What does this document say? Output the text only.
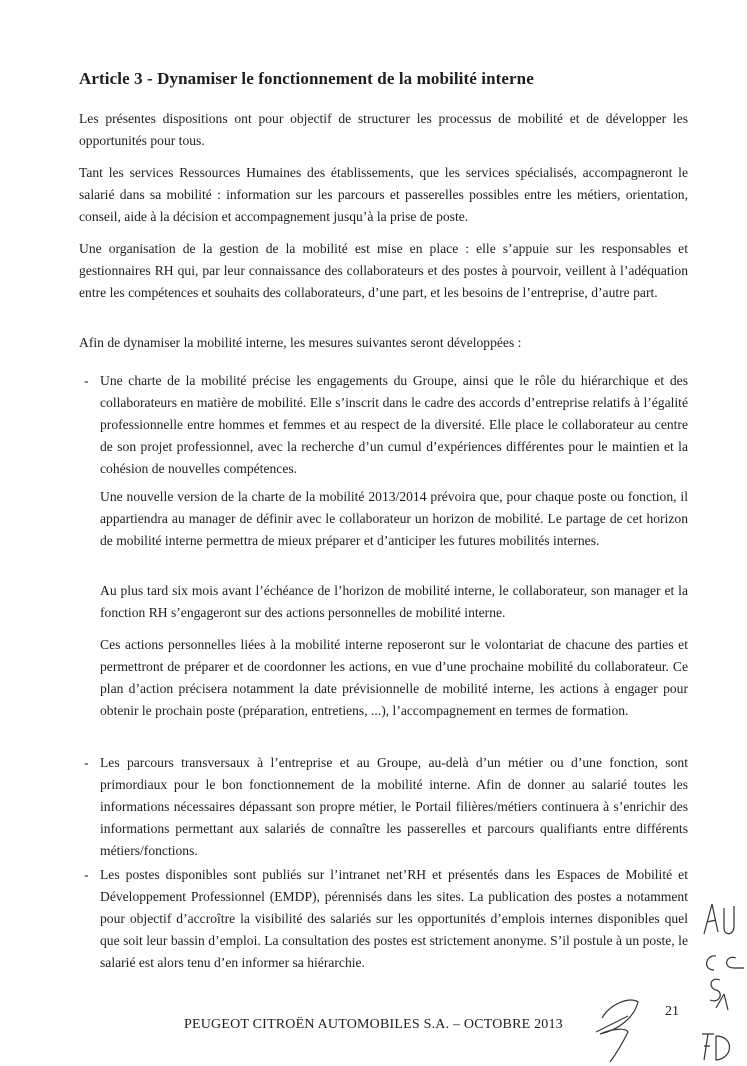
Article 3 - Dynamiser le fonctionnement de la mobilité interne

Les présentes dispositions ont pour objectif de structurer les processus de mobilité et de développer les opportunités pour tous.

Tant les services Ressources Humaines des établissements, que les services spécialisés, accompagneront le salarié dans sa mobilité : information sur les parcours et passerelles possibles entre les métiers, orientation, conseil, aide à la décision et accompagnement jusqu’à la prise de poste.

Une organisation de la gestion de la mobilité est mise en place : elle s’appuie sur les responsables et gestionnaires RH qui, par leur connaissance des collaborateurs et des postes à pourvoir, veillent à l’adéquation entre les compétences et souhaits des collaborateurs, d’une part, et les besoins de l’entreprise, d’autre part.

Afin de dynamiser la mobilité interne, les mesures suivantes seront développées :

- Une charte de la mobilité précise les engagements du Groupe, ainsi que le rôle du hiérarchique et des collaborateurs en matière de mobilité. Elle s’inscrit dans le cadre des accords d’entreprise relatifs à l’égalité professionnelle entre hommes et femmes et au respect de la diversité. Elle place le collaborateur au centre de son projet professionnel, avec la recherche d’un cumul d’expériences différentes pour le maintien et la cohésion de nouvelles compétences.

Une nouvelle version de la charte de la mobilité 2013/2014 prévoira que, pour chaque poste ou fonction, il appartiendra au manager de définir avec le collaborateur un horizon de mobilité. Le partage de cet horizon de mobilité interne permettra de mieux préparer et d’anticiper les futures mobilités internes.

Au plus tard six mois avant l’échéance de l’horizon de mobilité interne, le collaborateur, son manager et la fonction RH s’engageront sur des actions personnelles de mobilité interne.

Ces actions personnelles liées à la mobilité interne reposeront sur le volontariat de chacune des parties et permettront de préparer et de coordonner les actions, en vue d’une prochaine mobilité du collaborateur. Ce plan d’action précisera notamment la date prévisionnelle de mobilité interne, les actions à engager pour obtenir le prochain poste (préparation, entretiens, ...), l’accompagnement en termes de formation.

- Les parcours transversaux à l’entreprise et au Groupe, au-delà d’un métier ou d’une fonction, sont primordiaux pour le bon fonctionnement de la mobilité interne. Afin de donner au salarié toutes les informations nécessaires dépassant son propre métier, le Portail filières/métiers continuera à s’enrichir des informations permettant aux salariés de connaître les passerelles et parcours qualifiants entre différents métiers/fonctions.

- Les postes disponibles sont publiés sur l’intranet net’RH et présentés dans les Espaces de Mobilité et Développement Professionnel (EMDP), pérennisés dans les sites. La publication des postes a notamment pour objectif d’accroître la visibilité des salariés sur les opportunités d’emplois internes disponibles quel que soit leur bassin d’emploi. La consultation des postes est strictement anonyme. S’il postule à un poste, le salarié est alors tenu d’en informer sa hiérarchie.

21
PEUGEOT CITROËN AUTOMOBILES S.A. – OCTOBRE 2013
